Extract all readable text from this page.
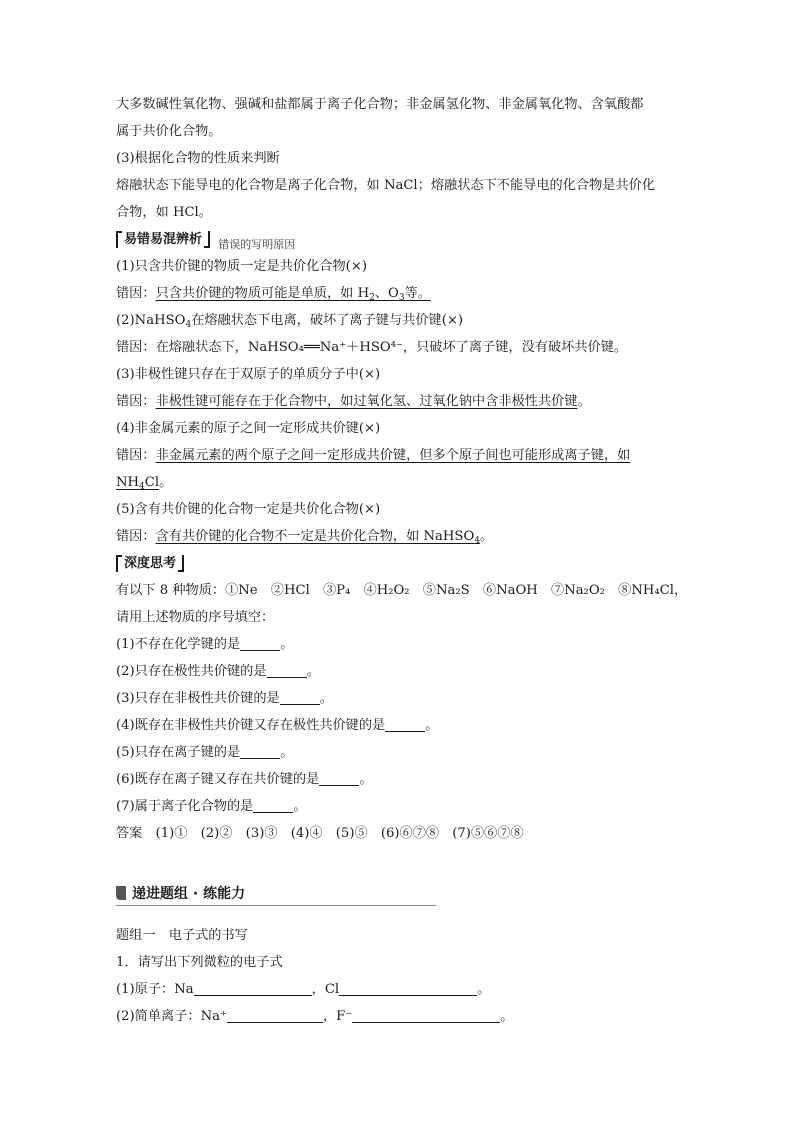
大多数碱性氧化物、强碱和盐都属于离子化合物；非金属氢化物、非金属氧化物、含氧酸都
属于共价化合物。
(3)根据化合物的性质来判断
熔融状态下能导电的化合物是离子化合物，如 NaCl；熔融状态下不能导电的化合物是共价化
合物，如 HCl。
易错易混辨析 错误的写明原因
(1)只含共价键的物质一定是共价化合物(×)
错因：只含共价键的物质可能是单质，如 $H_2$、$O_3$等。
(2)NaHSO$_4$在熔融状态下电离，破坏了离子键与共价键(×)
错因：在熔融状态下，NaHSO₄══Na⁺＋HSO⁴⁻，只破坏了离子键，没有破坏共价键。
(3)非极性键只存在于双原子的单质分子中(×)
错因：非极性键可能存在于化合物中，如过氧化氢、过氧化钠中含非极性共价键。
(4)非金属元素的原子之间一定形成共价键(×)
错因：非金属元素的两个原子之间一定形成共价键，但多个原子间也可能形成离子键，如
$NH_4Cl$。
(5)含有共价键的化合物一定是共价化合物(×)
错因：含有共价键的化合物不一定是共价化合物，如 NaHSO$_4$。
深度思考
有以下 8 种物质：①Ne　②HCl　③P₄　④H₂O₂　⑤Na₂S　⑥NaOH　⑦Na₂O₂　⑧NH₄Cl，
请用上述物质的序号填空：
(1)不存在化学键的是	。
(2)只存在极性共价键的是	。
(3)只存在非极性共价键的是	。
(4)既存在非极性共价键又存在极性共价键的是	。
(5)只存在离子键的是	。
(6)既存在离子键又存在共价键的是	。
(7)属于离子化合物的是	。
答案　(1)①　(2)②　(3)③　(4)④　(5)⑤　(6)⑥⑦⑧　(7)⑤⑥⑦⑧
递进题组 · 练能力
题组一　电子式的书写
1．请写出下列微粒的电子式
(1)原子：Na	，Cl	。
(2)简单离子：Na⁺	，F⁻	。
